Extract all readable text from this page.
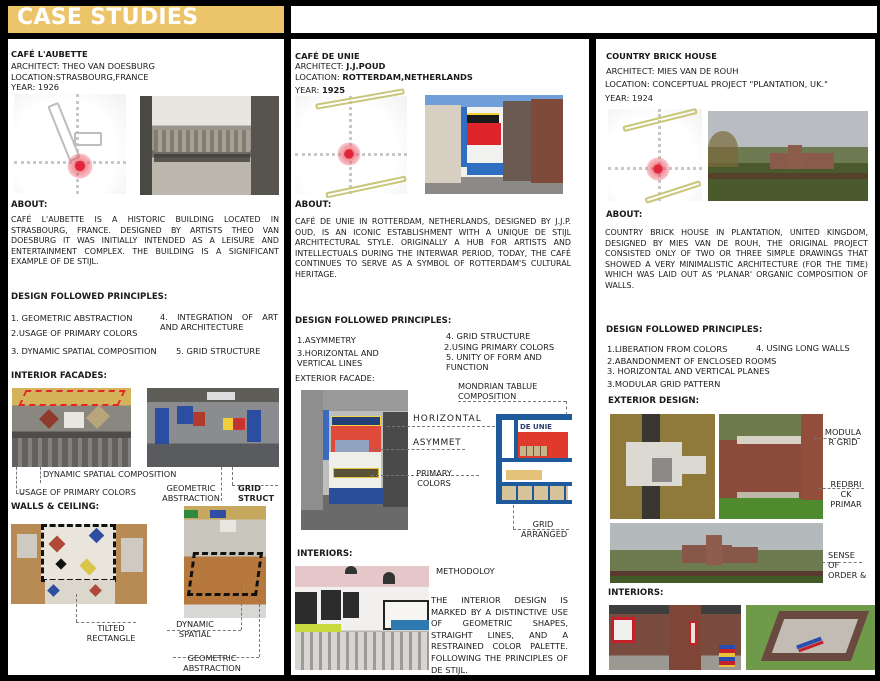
CASE STUDIES
CAFÉ L'AUBETTE
ARCHITECT: THEO VAN DOESBURG
LOCATION:STRASBOURG,FRANCE
YEAR: 1926
ABOUT:
CAFÉ L'AUBETTE IS A HISTORIC BUILDING LOCATED IN STRASBOURG, FRANCE. DESIGNED BY ARTISTS THEO VAN DOESBURG IT WAS INITIALLY INTENDED AS A LEISURE AND ENTERTAINMENT COMPLEX. THE BUILDING IS A SIGNIFICANT EXAMPLE OF DE STIJL.
DESIGN FOLLOWED PRINCIPLES:
1. GEOMETRIC ABSTRACTION
2.USAGE OF PRIMARY COLORS
3. DYNAMIC SPATIAL COMPOSITION
4. INTEGRATION OF ART AND ARCHITECTURE
5. GRID STRUCTURE
INTERIOR FACADES:
DYNAMIC SPATIAL COMPOSITION
USAGE OF PRIMARY COLORS	GEOMETRIC ABSTRACTION
GRID STRUCT
WALLS & CEILING:
TILTED RECTANGLE
DYNAMIC SPATIAL
GEOMETRIC ABSTRACTION
CAFÉ DE UNIE
ARCHITECT: J.J.POUD
LOCATION: ROTTERDAM,NETHERLANDS
YEAR: 1925
ABOUT:
CAFÉ DE UNIE IN ROTTERDAM, NETHERLANDS, DESIGNED BY J.J.P. OUD, IS AN ICONIC ESTABLISHMENT WITH A UNIQUE DE STIJL ARCHITECTURAL STYLE. ORIGINALLY A HUB FOR ARTISTS AND INTELLECTUALS DURING THE INTERWAR PERIOD, TODAY, THE CAFÉ CONTINUES TO SERVE AS A SYMBOL OF ROTTERDAM'S CULTURAL HERITAGE.
DESIGN FOLLOWED PRINCIPLES:
1.ASYMMETRY
3.HORIZONTAL AND VERTICAL LINES
4. GRID STRUCTURE
2.USING PRIMARY COLORS
5. UNITY OF FORM AND FUNCTION
EXTERIOR FACADE:
DE UNIE
MONDRIAN TABLUE COMPOSITION
HORIZONTAL
ASYMMET
PRIMARY COLORS
GRID ARRANGED
INTERIORS:
METHODOLOY
THE INTERIOR DESIGN IS MARKED BY A DISTINCTIVE USE OF GEOMETRIC SHAPES, STRAIGHT LINES, AND A RESTRAINED COLOR PALETTE. FOLLOWING THE PRINCIPLES OF DE STIJL.
COUNTRY BRICK HOUSE
ARCHITECT: MIES VAN DE ROUH
LOCATION: CONCEPTUAL PROJECT "PLANTATION, UK."
YEAR: 1924
ABOUT:
COUNTRY BRICK HOUSE IN PLANTATION, UNITED KINGDOM, DESIGNED BY MIES VAN DE ROUH, THE ORIGINAL PROJECT CONSISTED ONLY OF TWO OR THREE SIMPLE DRAWINGS THAT SHOWED A VERY MINIMALISTIC ARCHITECTURE (FOR THE TIME) WHICH WAS LAID OUT AS 'PLANAR' ORGANIC COMPOSITION OF WALLS.
DESIGN FOLLOWED PRINCIPLES:
1.LIBERATION FROM COLORS
2.ABANDONMENT OF ENCLOSED ROOMS
3. HORIZONTAL AND VERTICAL PLANES
3.MODULAR GRID PATTERN
4. USING LONG WALLS
EXTERIOR DESIGN:
MODULA R GRID
REDBRI CK PRIMAR
SENSE OF ORDER &
INTERIORS:
